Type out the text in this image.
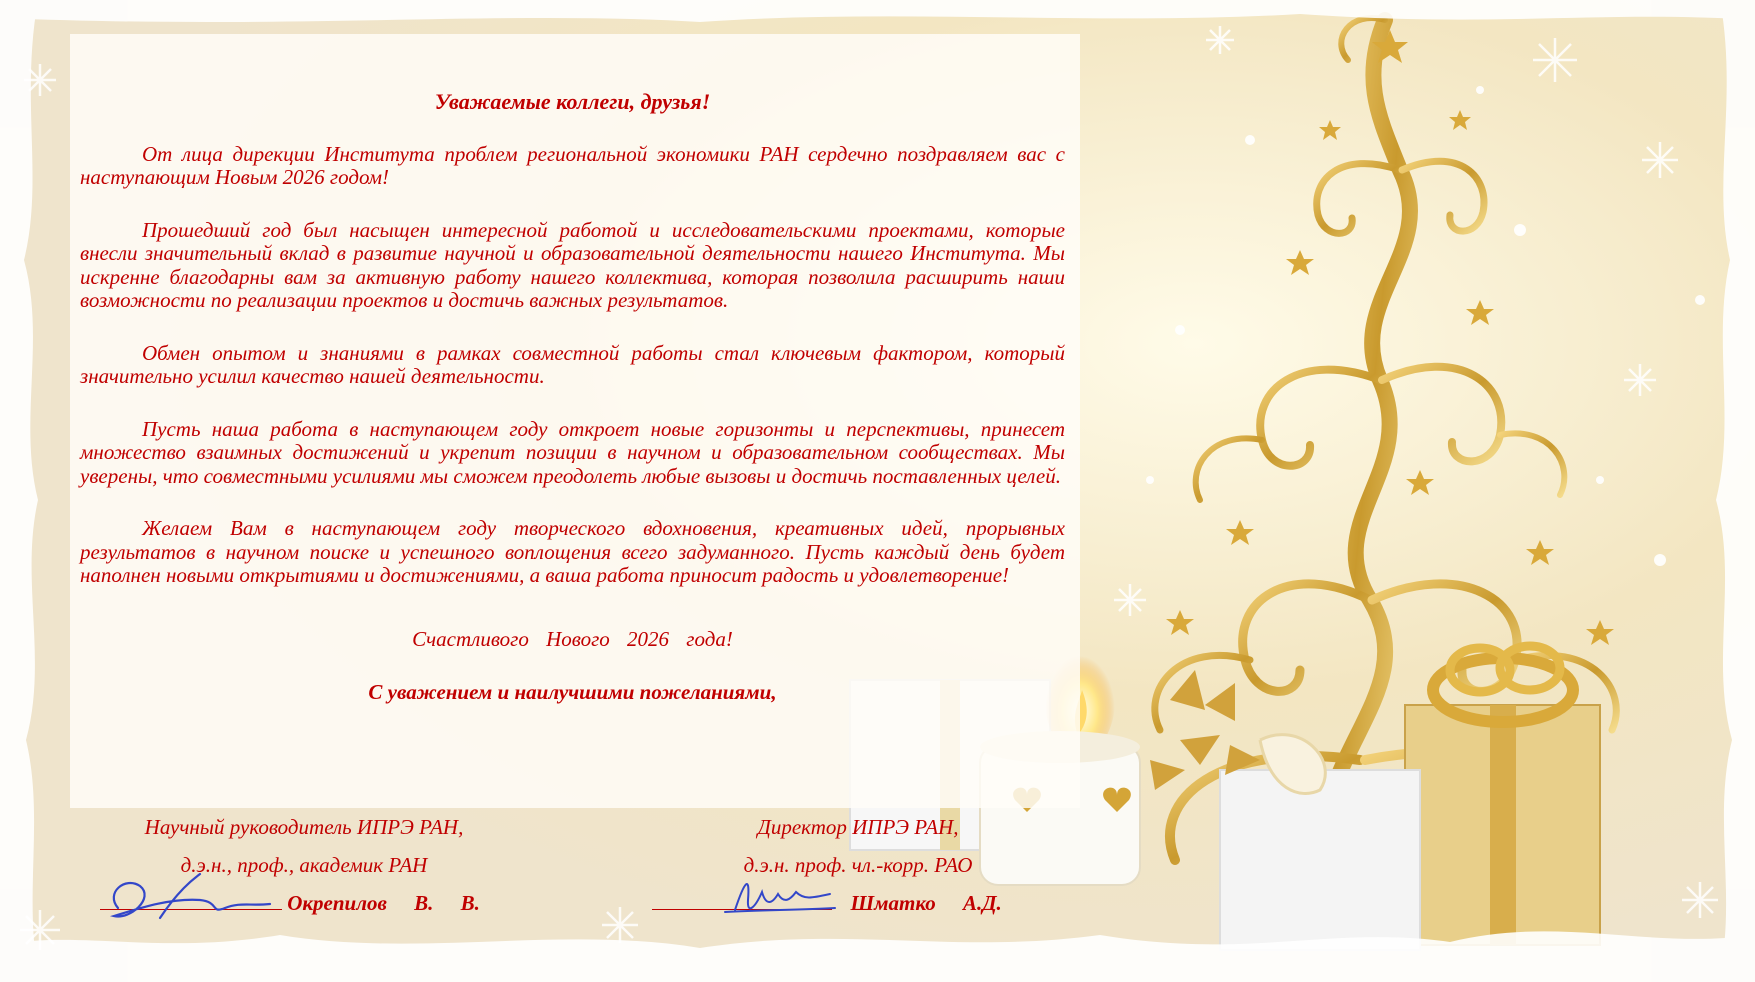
Уважаемые коллеги, друзья!

От лица дирекции Института проблем региональной экономики РАН сердечно поздравляем вас с наступающим Новым 2026 годом!

Прошедший год был насыщен интересной работой и исследовательскими проектами, которые внесли значительный вклад в развитие научной и образовательной деятельности нашего Института. Мы искренне благодарны вам за активную работу нашего коллектива, которая позволила расширить наши возможности по реализации проектов и достичь важных результатов.

Обмен опытом и знаниями в рамках совместной работы стал ключевым фактором, который значительно усилил качество нашей деятельности.

Пусть наша работа в наступающем году откроет новые горизонты и перспективы, принесет множество взаимных достижений и укрепит позиции в научном и образовательном сообществах. Мы уверены, что совместными усилиями мы сможем преодолеть любые вызовы и достичь поставленных целей.

Желаем Вам в наступающем году творческого вдохновения, креативных идей, прорывных результатов в научном поиске и успешного воплощения всего задуманного. Пусть каждый день будет наполнен новыми открытиями и достижениями, а ваша работа приносит радость и удовлетворение!

Счастливого Нового 2026 года!

С уважением и наилучшими пожеланиями,

Научный руководитель ИПРЭ РАН,
д.э.н., проф., академик РАН
Директор ИПРЭ РАН,
д.э.н. проф. чл.-корр. РАО
Окрепилов В. В.	Шматко А.Д.
